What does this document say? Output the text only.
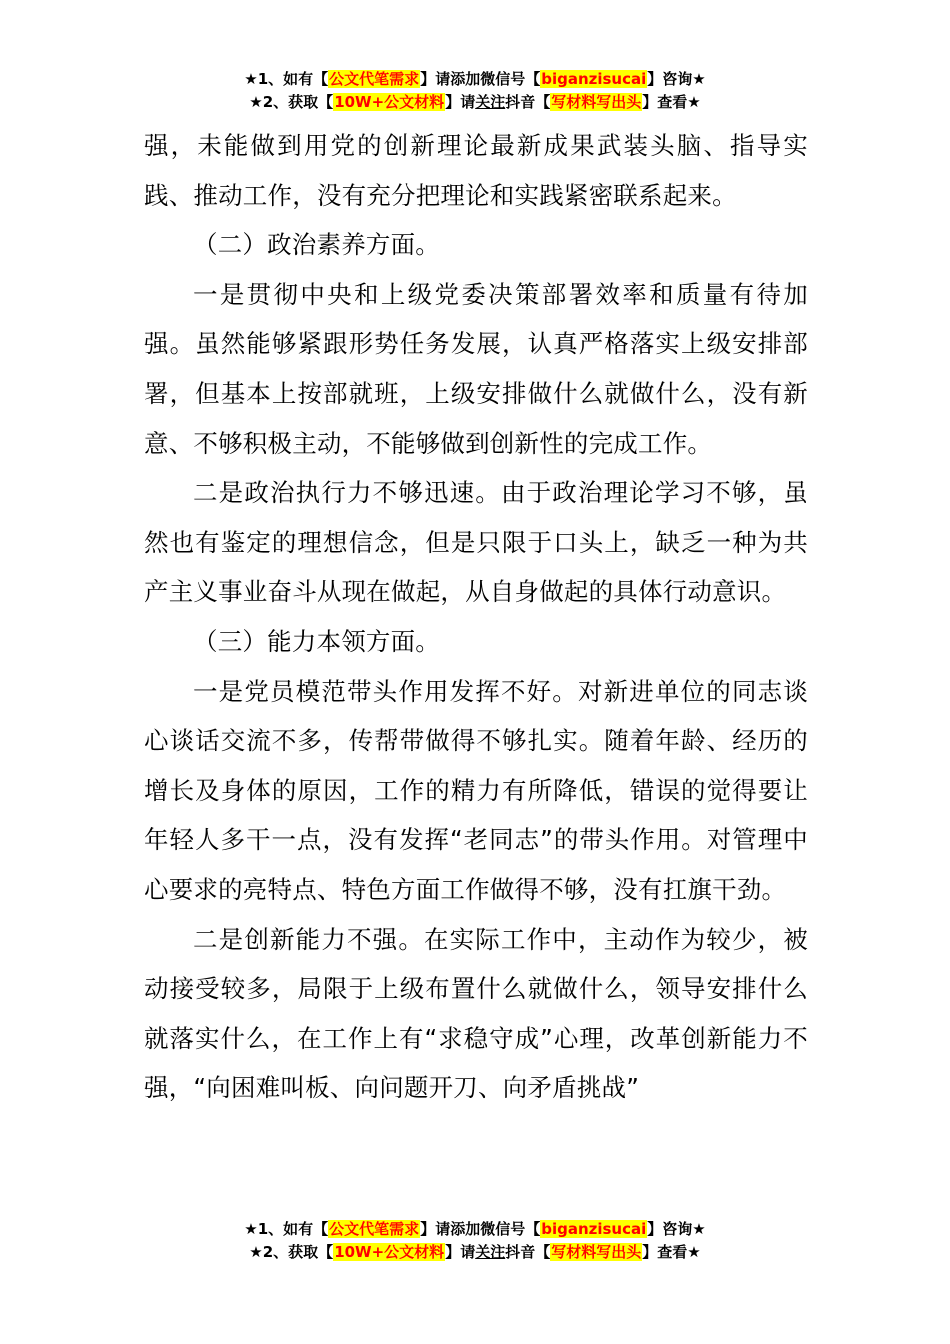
★1、如有【公文代笔需求】请添加微信号【biganzisucai】咨询★
★2、获取【10W+公文材料】请关注抖音【写材料写出头】查看★

强，未能做到用党的创新理论最新成果武装头脑、指导实践、推动工作，没有充分把理论和实践紧密联系起来。

（二）政治素养方面。

一是贯彻中央和上级党委决策部署效率和质量有待加强。虽然能够紧跟形势任务发展，认真严格落实上级安排部署，但基本上按部就班，上级安排做什么就做什么，没有新意、不够积极主动，不能够做到创新性的完成工作。

二是政治执行力不够迅速。由于政治理论学习不够，虽然也有鉴定的理想信念，但是只限于口头上，缺乏一种为共产主义事业奋斗从现在做起，从自身做起的具体行动意识。

（三）能力本领方面。

一是党员模范带头作用发挥不好。对新进单位的同志谈心谈话交流不多，传帮带做得不够扎实。随着年龄、经历的增长及身体的原因，工作的精力有所降低，错误的觉得要让年轻人多干一点，没有发挥“老同志”的带头作用。对管理中心要求的亮特点、特色方面工作做得不够，没有扛旗干劲。

二是创新能力不强。在实际工作中，主动作为较少，被动接受较多，局限于上级布置什么就做什么，领导安排什么就落实什么，在工作上有“求稳守成”心理，改革创新能力不强，“向困难叫板、向问题开刀、向矛盾挑战”

★1、如有【公文代笔需求】请添加微信号【biganzisucai】咨询★
★2、获取【10W+公文材料】请关注抖音【写材料写出头】查看★
